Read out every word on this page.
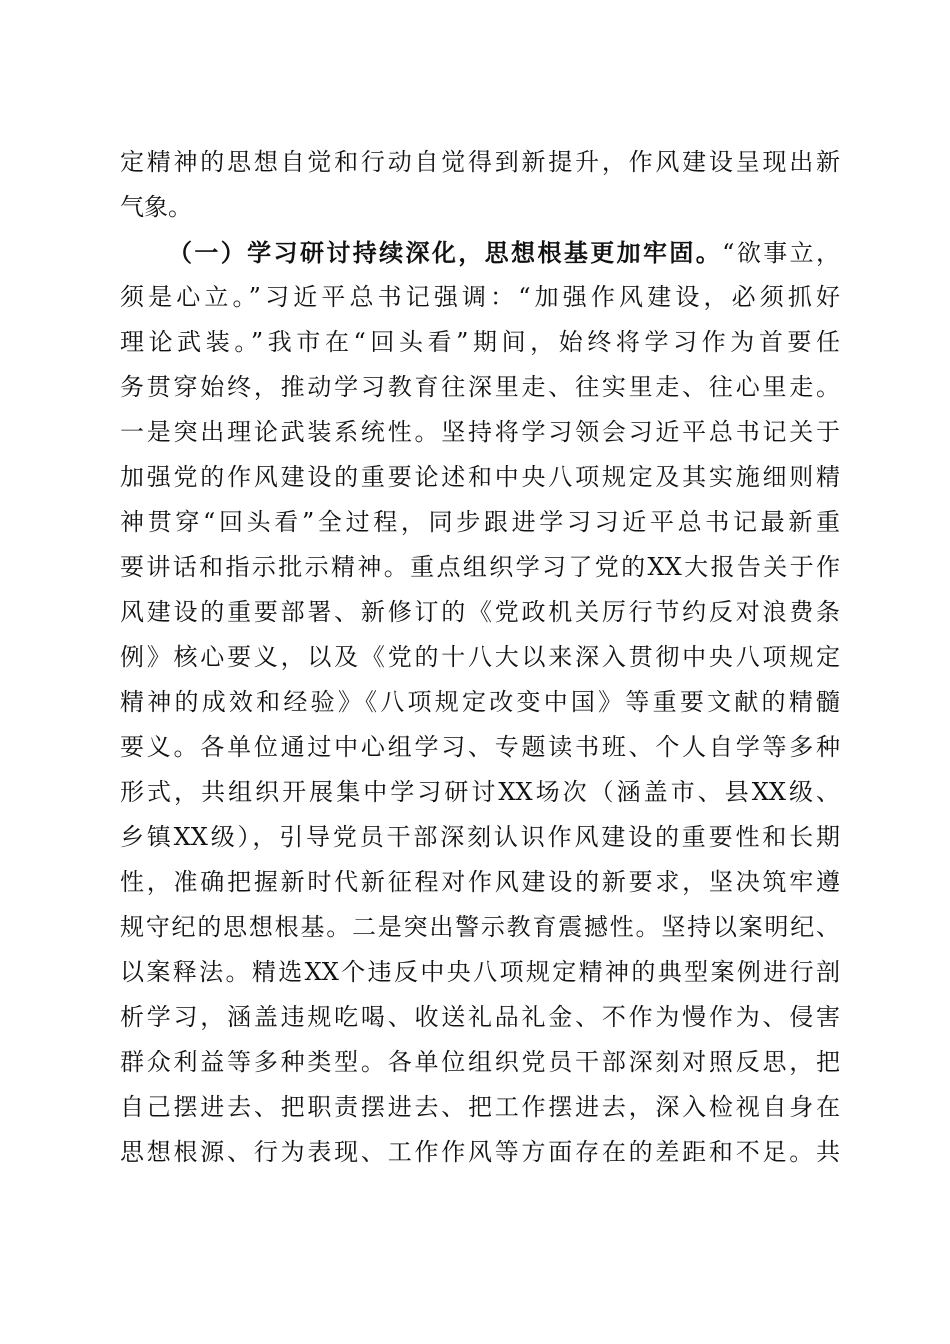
定精神的思想自觉和行动自觉得到新提升，作风建设呈现出新
气象。
（一）学习研讨持续深化，思想根基更加牢固。“欲事立，
须是心立。”习近平总书记强调：“加强作风建设，必须抓好
理论武装。”我市在“回头看”期间，始终将学习作为首要任
务贯穿始终，推动学习教育往深里走、往实里走、往心里走。
一是突出理论武装系统性。坚持将学习领会习近平总书记关于
加强党的作风建设的重要论述和中央八项规定及其实施细则精
神贯穿“回头看”全过程，同步跟进学习习近平总书记最新重
要讲话和指示批示精神。重点组织学习了党的XX大报告关于作
风建设的重要部署、新修订的《党政机关厉行节约反对浪费条
例》核心要义，以及《党的十八大以来深入贯彻中央八项规定
精神的成效和经验》《八项规定改变中国》等重要文献的精髓
要义。各单位通过中心组学习、专题读书班、个人自学等多种
形式，共组织开展集中学习研讨XX场次（涵盖市、县XX级、
乡镇XX级），引导党员干部深刻认识作风建设的重要性和长期
性，准确把握新时代新征程对作风建设的新要求，坚决筑牢遵
规守纪的思想根基。二是突出警示教育震撼性。坚持以案明纪、
以案释法。精选XX个违反中央八项规定精神的典型案例进行剖
析学习，涵盖违规吃喝、收送礼品礼金、不作为慢作为、侵害
群众利益等多种类型。各单位组织党员干部深刻对照反思，把
自己摆进去、把职责摆进去、把工作摆进去，深入检视自身在
思想根源、行为表现、工作作风等方面存在的差距和不足。共
